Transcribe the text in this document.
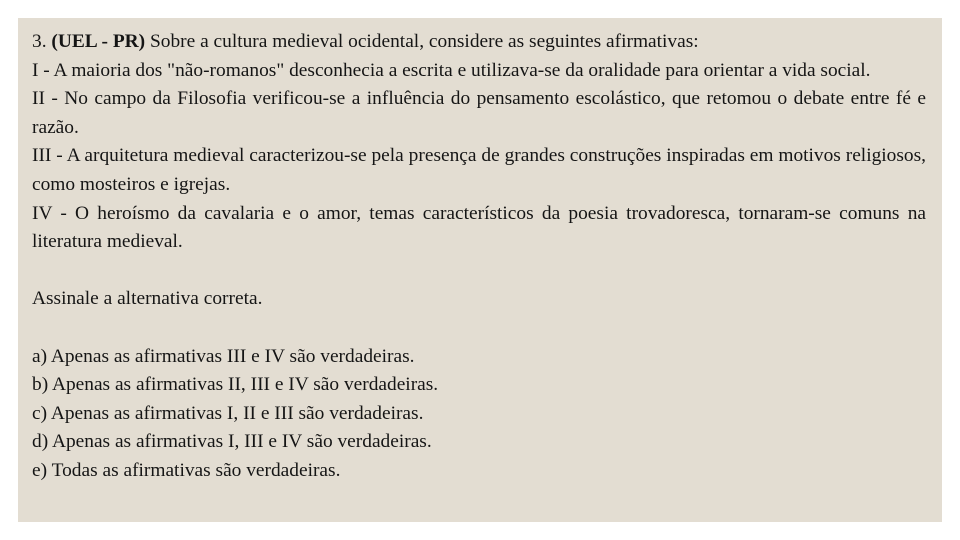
3. (UEL - PR) Sobre a cultura medieval ocidental, considere as seguintes afirmativas:

I - A maioria dos "não-romanos" desconhecia a escrita e utilizava-se da oralidade para orientar a vida social.

II - No campo da Filosofia verificou-se a influência do pensamento escolástico, que retomou o debate entre fé e razão.

III - A arquitetura medieval caracterizou-se pela presença de grandes construções inspiradas em motivos religiosos, como mosteiros e igrejas.

IV - O heroísmo da cavalaria e o amor, temas característicos da poesia trovadoresca, tornaram-se comuns na literatura medieval.

Assinale a alternativa correta.

a) Apenas as afirmativas III e IV são verdadeiras.
b) Apenas as afirmativas II, III e IV são verdadeiras.
c) Apenas as afirmativas I, II e III são verdadeiras.
d) Apenas as afirmativas I, III e IV são verdadeiras.
e) Todas as afirmativas são verdadeiras.
